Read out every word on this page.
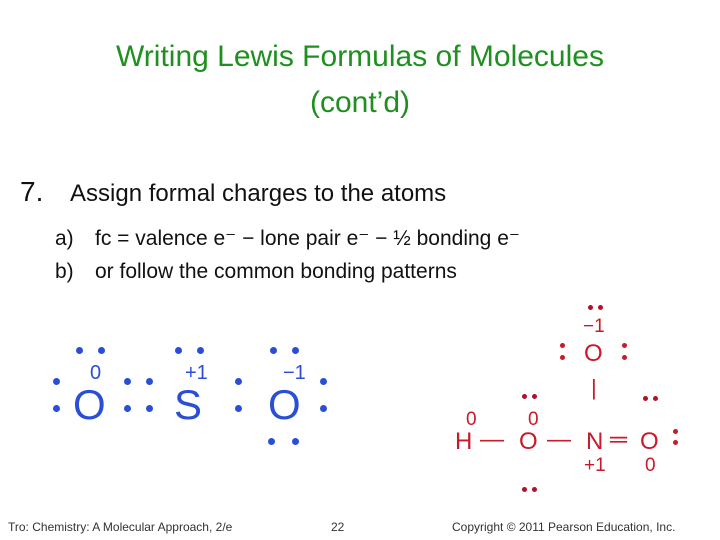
Writing Lewis Formulas of Molecules
(cont’d)
7. Assign formal charges to the atoms
a) fc = valence e⁻ − lone pair e⁻ − ½ bonding e⁻
b) or follow the common bonding patterns
O S O
0	+1	−1
−1
O
|
0	0
H — O — N ═ O
+1 0
Tro: Chemistry: A Molecular Approach, 2/e	22	Copyright © 2011 Pearson Education, Inc.
